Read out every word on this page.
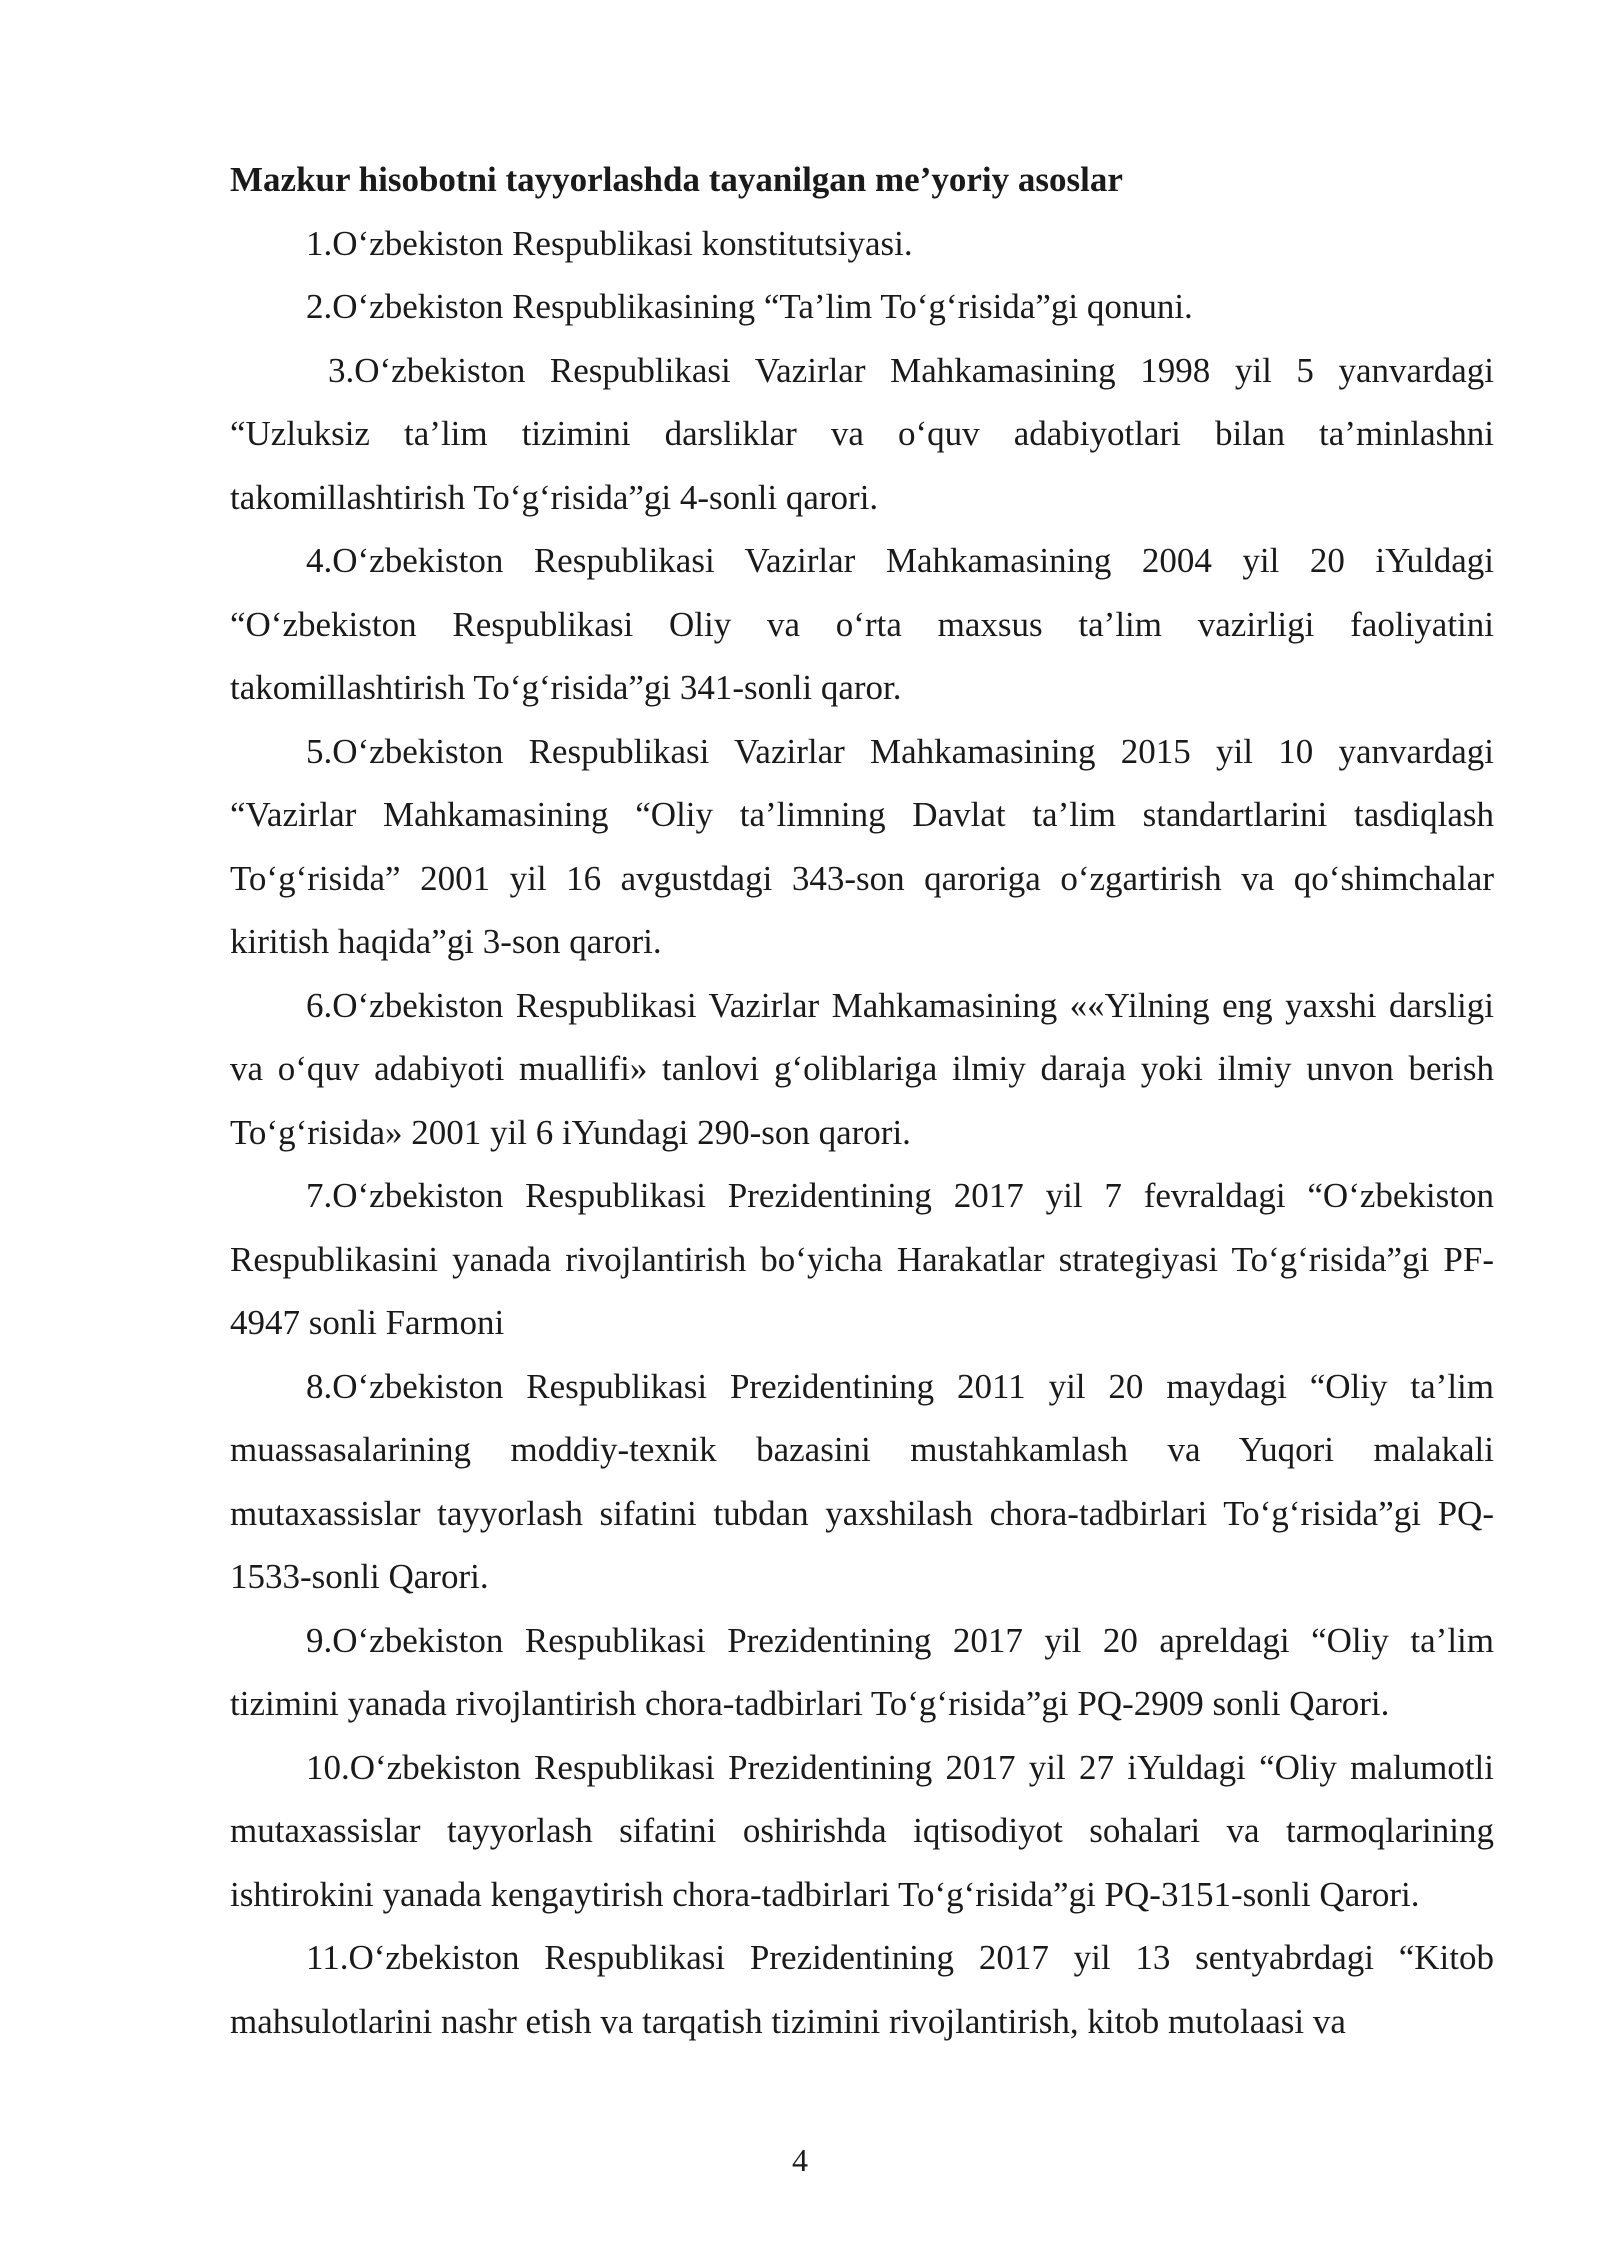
Mazkur hisobotni tayyorlashda tayanilgan me’yoriy asoslar

1.O‘zbekiston Respublikasi konstitutsiyasi.

2.O‘zbekiston Respublikasining “Ta’lim To‘g‘risida”gi qonuni.

3.O‘zbekiston Respublikasi Vazirlar Mahkamasining 1998 yil 5 yanvardagi “Uzluksiz ta’lim tizimini darsliklar va o‘quv adabiyotlari bilan ta’minlashni takomillashtirish To‘g‘risida”gi 4-sonli qarori.

4.O‘zbekiston Respublikasi Vazirlar Mahkamasining 2004 yil 20 iYuldagi “O‘zbekiston Respublikasi Oliy va o‘rta maxsus ta’lim vazirligi faoliyatini takomillashtirish To‘g‘risida”gi 341-sonli qaror.

5.O‘zbekiston Respublikasi Vazirlar Mahkamasining 2015 yil 10 yanvardagi “Vazirlar Mahkamasining “Oliy ta’limning Davlat ta’lim standartlarini tasdiqlash To‘g‘risida” 2001 yil 16 avgustdagi 343-son qaroriga o‘zgartirish va qo‘shimchalar kiritish haqida”gi 3-son qarori.

6.O‘zbekiston Respublikasi Vazirlar Mahkamasining ««Yilning eng yaxshi darsligi va o‘quv adabiyoti muallifi» tanlovi g‘oliblariga ilmiy daraja yoki ilmiy unvon berish To‘g‘risida» 2001 yil 6 iYundagi 290-son qarori.

7.O‘zbekiston Respublikasi Prezidentining 2017 yil 7 fevraldagi “O‘zbekiston Respublikasini yanada rivojlantirish bo‘yicha Harakatlar strategiyasi To‘g‘risida”gi PF-4947 sonli Farmoni

8.O‘zbekiston Respublikasi Prezidentining 2011 yil 20 maydagi “Oliy ta’lim muassasalarining moddiy-texnik bazasini mustahkamlash va Yuqori malakali mutaxassislar tayyorlash sifatini tubdan yaxshilash chora-tadbirlari To‘g‘risida”gi PQ-1533-sonli Qarori.

9.O‘zbekiston Respublikasi Prezidentining 2017 yil 20 apreldagi “Oliy ta’lim tizimini yanada rivojlantirish chora-tadbirlari To‘g‘risida”gi PQ-2909 sonli Qarori.

10.O‘zbekiston Respublikasi Prezidentining 2017 yil 27 iYuldagi “Oliy malumotli mutaxassislar tayyorlash sifatini oshirishda iqtisodiyot sohalari va tarmoqlarining ishtirokini yanada kengaytirish chora-tadbirlari To‘g‘risida”gi PQ-3151-sonli Qarori.

11.O‘zbekiston Respublikasi Prezidentining 2017 yil 13 sentyabrdagi “Kitob mahsulotlarini nashr etish va tarqatish tizimini rivojlantirish, kitob mutolaasi va

4
